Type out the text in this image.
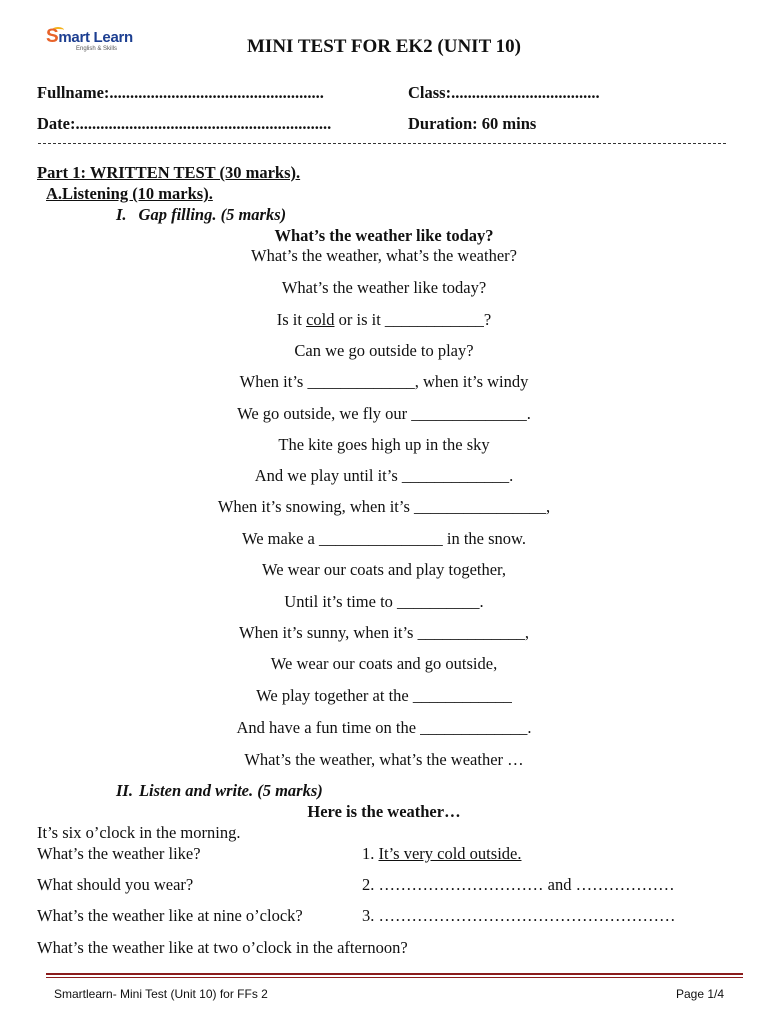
Smart Learn
English & Skills	MINI TEST FOR EK2 (UNIT 10)
Fullname:....................................................	Class:....................................
Date:..............................................................	Duration: 60 mins
Part 1: WRITTEN TEST (30 marks).
A.Listening (10 marks).
I. Gap filling. (5 marks)
What’s the weather like today?
What’s the weather, what’s the weather?
What’s the weather like today?
Is it cold or is it ____________?
Can we go outside to play?
When it’s _____________, when it’s windy
We go outside, we fly our ______________.
The kite goes high up in the sky
And we play until it’s _____________.
When it’s snowing, when it’s ________________,
We make a _______________ in the snow.
We wear our coats and play together,
Until it’s time to __________.
When it’s sunny, when it’s _____________,
We wear our coats and go outside,
We play together at the ____________
And have a fun time on the _____________.
What’s the weather, what’s the weather …
II. Listen and write. (5 marks)
Here is the weather…
It’s six o’clock in the morning.
What’s the weather like?	1. It’s very cold outside.
What should you wear?	2. ………………………… and ………………
What’s the weather like at nine o’clock?	3. ………………………………………………
What’s the weather like at two o’clock in the afternoon?
Smartlearn- Mini Test (Unit 10) for FFs 2	Page 1/4
